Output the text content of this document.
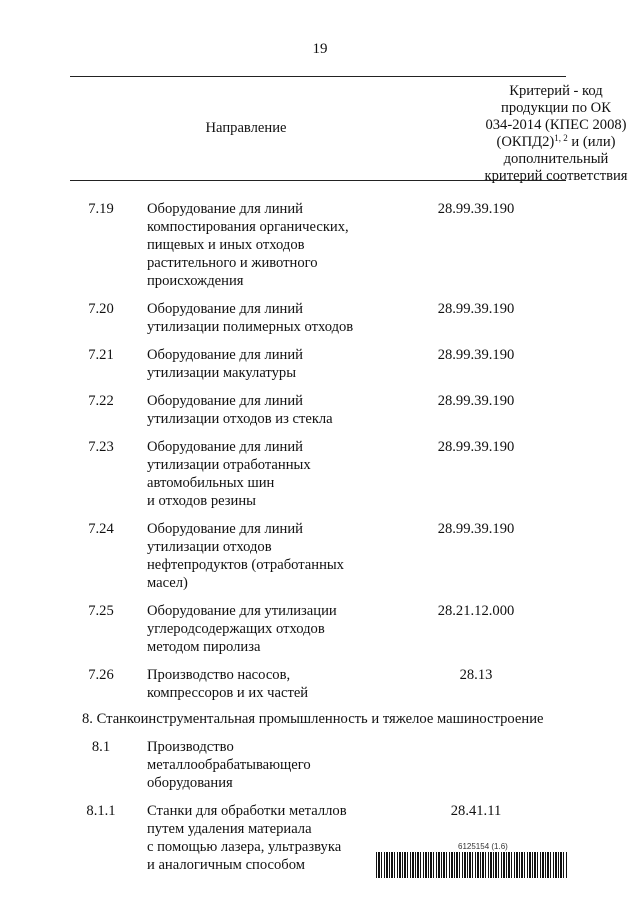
19
Направление
Критерий - код
продукции по ОК
034-2014 (КПЕС 2008)
(ОКПД2)$^{1, 2}$ и (или)
дополнительный
критерий соответствия
7.19	Оборудование для линий
компостирования органических,
пищевых и иных отходов
растительного и животного
происхождения
28.99.39.190
7.20	Оборудование для линий
утилизации полимерных отходов
28.99.39.190
7.21	Оборудование для линий
утилизации макулатуры
28.99.39.190
7.22	Оборудование для линий
утилизации отходов из стекла
28.99.39.190
7.23	Оборудование для линий
утилизации отработанных
автомобильных шин
и отходов резины
28.99.39.190
7.24	Оборудование для линий
утилизации отходов
нефтепродуктов (отработанных
масел)
28.99.39.190
7.25	Оборудование для утилизации
углеродсодержащих отходов
методом пиролиза
28.21.12.000
7.26	Производство насосов,
компрессоров и их частей
28.13
8. Станкоинструментальная промышленность и тяжелое машиностроение
8.1	Производство
металлообрабатывающего
оборудования
8.1.1	Станки для обработки металлов
путем удаления материала
с помощью лазера, ультразвука
и аналогичным способом
28.41.11
6125154 (1.6)
